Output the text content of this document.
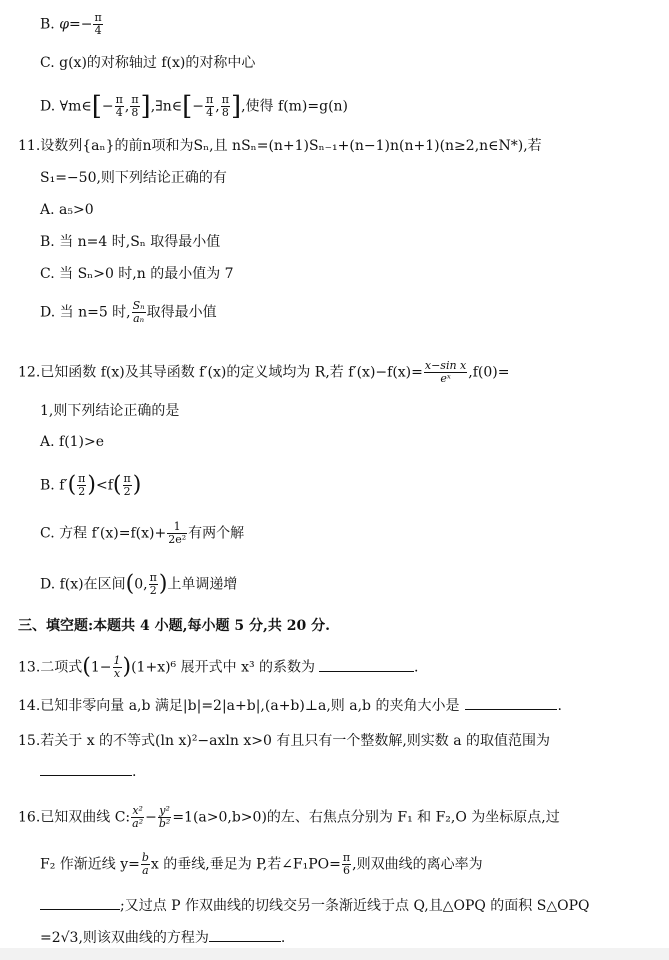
B. $\varphi=- \frac{\pi}{4}$
C. g(x)的对称轴过 f(x)的对称中心
D. ∀m∈[− $\frac{\pi}{4}$ , $\frac{\pi}{8}$ ],∃n∈[− $\frac{\pi}{4}$ , $\frac{\pi}{8}$ ],使得 f(m)=g(n)
11.设数列{aₙ}的前n项和为Sₙ,且 nSₙ=(n+1)Sₙ₋₁+(n−1)n(n+1)(n≥2,n∈N*),若
S₁=−50,则下列结论正确的有
A. a₅>0
B. 当 n=4 时,Sₙ 取得最小值
C. 当 Sₙ>0 时,n 的最小值为 7
D. 当 n=5 时, $\frac{\text{Sₙ}}{\text{aₙ}}$ 取得最小值
12.已知函数 f(x)及其导函数 f′(x)的定义域均为 R,若 $f'(x)-f(x)= \frac{\text{x−sin x}}{\text{eˣ}} ,f(0)=$
1,则下列结论正确的是
A. f(1)>e
B. $f'( \frac{\pi}{2} )<f( \frac{\pi}{2}$ )
C. 方程 $f'(x)=f(x)+ \frac{1}{\text{2e²}}$ 有两个解
D. f(x)在区间(0, $\frac{\pi}{2}$ )上单调递增
三、填空题:本题共 4 小题,每小题 5 分,共 20 分.
13.二项式$(1- \frac{1}{x} )(1+x)^6$ 展开式中 x³ 的系数为	.
14.已知非零向量 a,b 满足|b|=2|a+b|,(a+b)⊥a,则 a,b 的夹角大小是	.
15.若关于 x 的不等式(ln x)²−axln x>0 有且只有一个整数解,则实数 a 的取值范围为
.
16.已知双曲线 C: $\frac{\text{x²}}{\text{a²}} - \frac{\text{y²}}{\text{b²}} =1(a>0,b>0)$的左、右焦点分别为 F₁ 和 F₂,O 为坐标原点,过
F₂ 作渐近线 $y= \frac{b}{a}$ x 的垂线,垂足为 P,若∠F₁PO= $\frac{\pi}{6}$ ,则双曲线的离心率为
;又过点 P 作双曲线的切线交另一条渐近线于点 Q,且△OPQ 的面积 S△OPQ
=2√3,则该双曲线的方程为	.
